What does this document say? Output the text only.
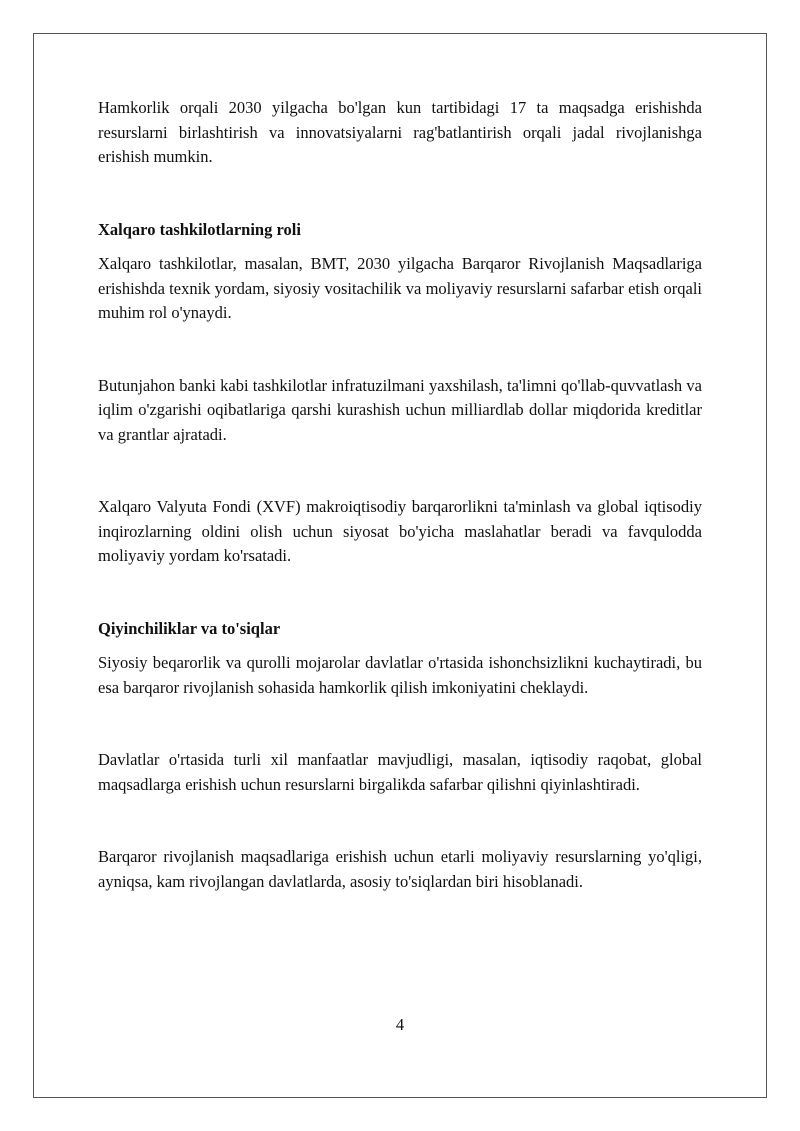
Hamkorlik orqali 2030 yilgacha bo'lgan kun tartibidagi 17 ta maqsadga erishishda resurslarni birlashtirish va innovatsiyalarni rag'batlantirish orqali jadal rivojlanishga erishish mumkin.

Xalqaro tashkilotlarning roli

Xalqaro tashkilotlar, masalan, BMT, 2030 yilgacha Barqaror Rivojlanish Maqsadlariga erishishda texnik yordam, siyosiy vositachilik va moliyaviy resurslarni safarbar etish orqali muhim rol o'ynaydi.

Butunjahon banki kabi tashkilotlar infratuzilmani yaxshilash, ta'limni qo'llab-quvvatlash va iqlim o'zgarishi oqibatlariga qarshi kurashish uchun milliardlab dollar miqdorida kreditlar va grantlar ajratadi.

Xalqaro Valyuta Fondi (XVF) makroiqtisodiy barqarorlikni ta'minlash va global iqtisodiy inqirozlarning oldini olish uchun siyosat bo'yicha maslahatlar beradi va favqulodda moliyaviy yordam ko'rsatadi.

Qiyinchiliklar va to'siqlar

Siyosiy beqarorlik va qurolli mojarolar davlatlar o'rtasida ishonchsizlikni kuchaytiradi, bu esa barqaror rivojlanish sohasida hamkorlik qilish imkoniyatini cheklaydi.

Davlatlar o'rtasida turli xil manfaatlar mavjudligi, masalan, iqtisodiy raqobat, global maqsadlarga erishish uchun resurslarni birgalikda safarbar qilishni qiyinlashtiradi.

Barqaror rivojlanish maqsadlariga erishish uchun etarli moliyaviy resurslarning yo'qligi, ayniqsa, kam rivojlangan davlatlarda, asosiy to'siqlardan biri hisoblanadi.

4
